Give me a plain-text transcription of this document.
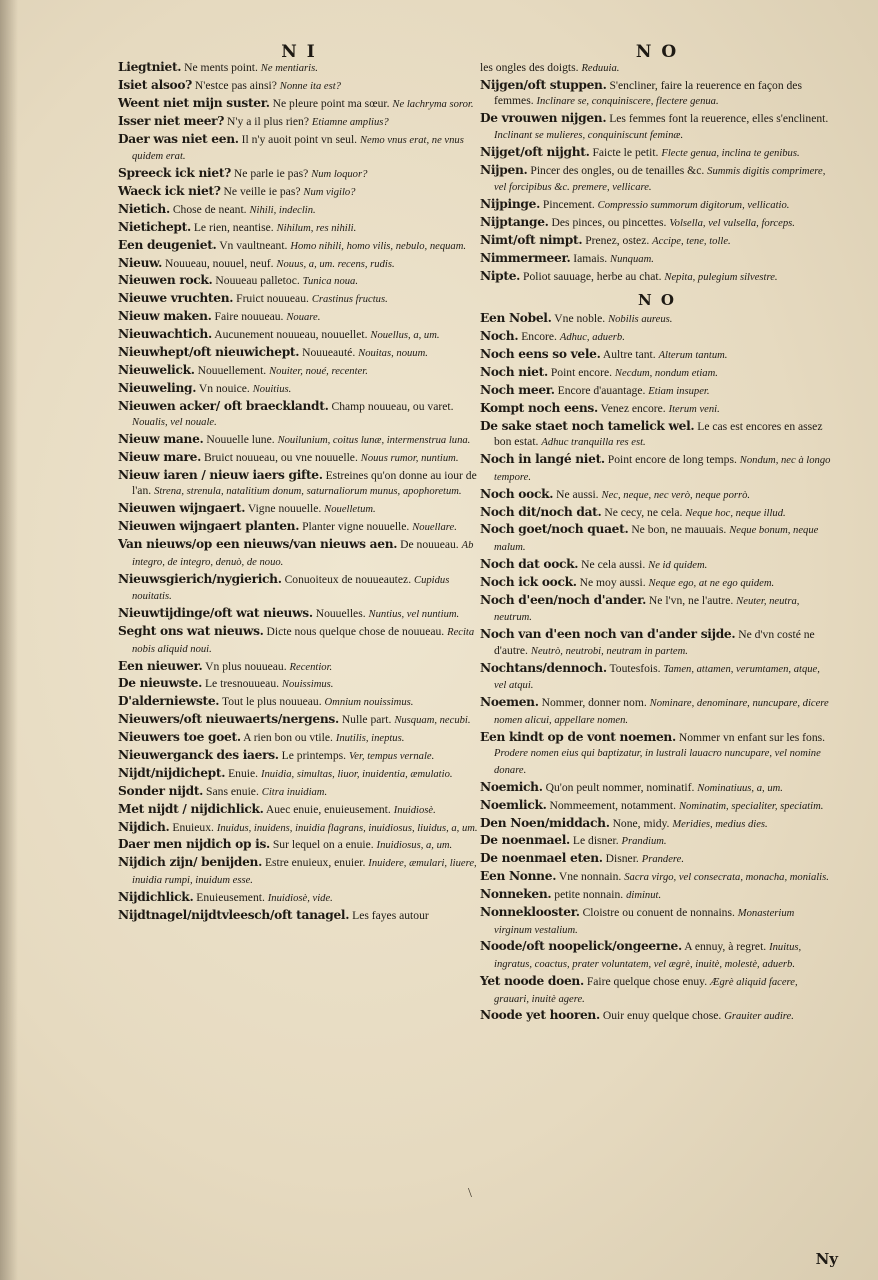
N I

Liegtniet. Ne ments point. Ne mentiaris.

Isiet alsoo? N'estce pas ainsi? Nonne ita est?

Weent niet mijn suster. Ne pleure point ma sœur. Ne lachryma soror.

Isser niet meer? N'y a il plus rien? Etiamne amplius?

Daer was niet een. Il n'y auoit point vn seul. Nemo vnus erat, ne vnus quidem erat.

Spreeck ick niet? Ne parle ie pas? Num loquor?

Waeck ick niet? Ne veille ie pas? Num vigilo?

Nietich. Chose de neant. Nihili, indeclin.

Nietichept. Le rien, neantise. Nihilum, res nihili.

Een deugeniet. Vn vaultneant. Homo nihili, homo vilis, nebulo, nequam.

Nieuw. Nouueau, nouuel, neuf. Nouus, a, um. recens, rudis.

Nieuwen rock. Nouueau palletoc. Tunica noua.

Nieuwe vruchten. Fruict nouueau. Crastinus fructus.

Nieuw maken. Faire nouueau. Nouare.

Nieuwachtich. Aucunement nouueau, nouuellet. Nouellus, a, um.

Nieuwhept/oft nieuwichept. Nouueauté. Nouitas, nouum.

Nieuwelick. Nouuellement. Nouiter, noué, recenter.

Nieuweling. Vn nouice. Nouitius.

Nieuwen acker/ oft braecklandt. Champ nouueau, ou varet. Noualis, vel nouale.

Nieuw mane. Nouuelle lune. Nouilunium, coitus lunæ, intermenstrua luna.

Nieuw mare. Bruict nouueau, ou vne nouuelle. Nouus rumor, nuntium.

Nieuw iaren / nieuw iaers gifte. Estreines qu'on donne au iour de l'an. Strena, strenula, natalitium donum, saturnaliorum munus, apophoretum.

Nieuwen wijngaert. Vigne nouuelle. Nouelletum.

Nieuwen wijngaert planten. Planter vigne nouuelle. Nouellare.

Van nieuws/op een nieuws/van nieuws aen. De nouueau. Ab integro, de integro, denuò, de nouo.

Nieuwsgierich/nygierich. Conuoiteux de nouueautez. Cupidus nouitatis.

Nieuwtijdinge/oft wat nieuws. Nouuelles. Nuntius, vel nuntium.

Seght ons wat nieuws. Dicte nous quelque chose de nouueau. Recita nobis aliquid noui.

Een nieuwer. Vn plus nouueau. Recentior.

De nieuwste. Le tresnouueau. Nouissimus.

D'alderniewste. Tout le plus nouueau. Omnium nouissimus.

Nieuwers/oft nieuwaerts/nergens. Nulle part. Nusquam, necubi.

Nieuwers toe goet. A rien bon ou vtile. Inutilis, ineptus.

Nieuwerganck des iaers. Le printemps. Ver, tempus vernale.

Nijdt/nijdichept. Enuie. Inuidia, simultas, liuor, inuidentia, æmulatio.

Sonder nijdt. Sans enuie. Citra inuidiam.

Met nijdt / nijdichlick. Auec enuie, enuieusement. Inuidiosè.

Nijdich. Enuieux. Inuidus, inuidens, inuidia flagrans, inuidiosus, liuidus, a, um.

Daer men nijdich op is. Sur lequel on a enuie. Inuidiosus, a, um.

Nijdich zijn/ benijden. Estre enuieux, enuier. Inuidere, æmulari, liuere, inuidia rumpi, inuidum esse.

Nijdichlick. Enuieusement. Inuidiosè, vide.

Nijdtnagel/nijdtvleesch/oft tanagel. Les fayes autour

N O

les ongles des doigts. Reduuia.

Nijgen/oft stuppen. S'encliner, faire la reuerence en façon des femmes. Inclinare se, conquinisc‍ere, flectere genua.

De vrouwen nijgen. Les femmes font la reuerence, elles s'enclinent. Inclinant se mulieres, conquiniscunt feminæ.

Nijget/oft nijght. Faicte le petit. Flecte genua, inclina te genibus.

Nijpen. Pincer des ongles, ou de tenailles &c. Summis digitis comprimere, vel forcipibus &c. premere, vellicare.

Nijpinge. Pincement. Compressio summorum digitorum, vellicatio.

Nijptange. Des pinces, ou pincettes. Volsella, vel vulsella, forceps.

Nimt/oft nimpt. Prenez, ostez. Accipe, tene, tolle.

Nimmermeer. Iamais. Nunquam.

Nipte. Poliot sauuage, herbe au chat. Nepita, pulegium silvestre.

N O

Een Nobel. Vne noble. Nobilis aureus.

Noch. Encore. Adhuc, aduerb.

Noch eens so vele. Aultre tant. Alterum tantum.

Noch niet. Point encore. Necdum, nondum etiam.

Noch meer. Encore d'auantage. Etiam insuper.

Kompt noch eens. Venez encore. Iterum veni.

De sake staet noch tamelick wel. Le cas est encores en assez bon estat. Adhuc tranquilla res est.

Noch in langé niet. Point encore de long temps. Nondum, nec à longo tempore.

Noch oock. Ne aussi. Nec, neque, nec verò, neque porrò.

Noch dit/noch dat. Ne cecy, ne cela. Neque hoc, neque illud.

Noch goet/noch quaet. Ne bon, ne mauuais. Neque bonum, neque malum.

Noch dat oock. Ne cela aussi. Ne id quidem.

Noch ick oock. Ne moy aussi. Neque ego, at ne ego quidem.

Noch d'een/noch d'ander. Ne l'vn, ne l'autre. Neuter, neutra, neutrum.

Noch van d'een noch van d'ander sijde. Ne d'vn costé ne d'autre. Neutrò, neutrobi, neutram in partem.

Nochtans/dennoch. Toutesfois. Tamen, attamen, verumtamen, atque, vel atqui.

Noemen. Nommer, donner nom. Nominare, denominare, nuncupare, dicere nomen alicui, appellare nomen.

Een kindt op de vont noemen. Nommer vn enfant sur les fons. Prodere nomen eius qui baptizatur, in lustrali lauacro nuncupare, vel nomine donare.

Noemich. Qu'on peult nommer, nominatif. Nominatiuus, a, um.

Noemlick. Nommeement, notamment. Nominatim, specialiter, speciatim.

Den Noen/middach. None, midy. Meridies, medius dies.

De noenmael. Le disner. Prandium.

De noenmael eten. Disner. Prandere.

Een Nonne. Vne nonnain. Sacra virgo, vel consecrata, monacha, monialis.

Nonneken. petite nonnain. diminut.

Nonneklooster. Cloistre ou conuent de nonnains. Monasterium virginum vestalium.

Noode/oft noopelick/ongeerne. A ennuy, à regret. Inuitus, ingratus, coactus, prater voluntatem, vel ægrè, inuitè, molestè, aduerb.

Yet noode doen. Faire quelque chose enuy. Ægrè aliquid facere, grauari, inuitè agere.

Noode yet hooren. Ouir enuy quelque chose. Grauiter audire.

\
Ny
